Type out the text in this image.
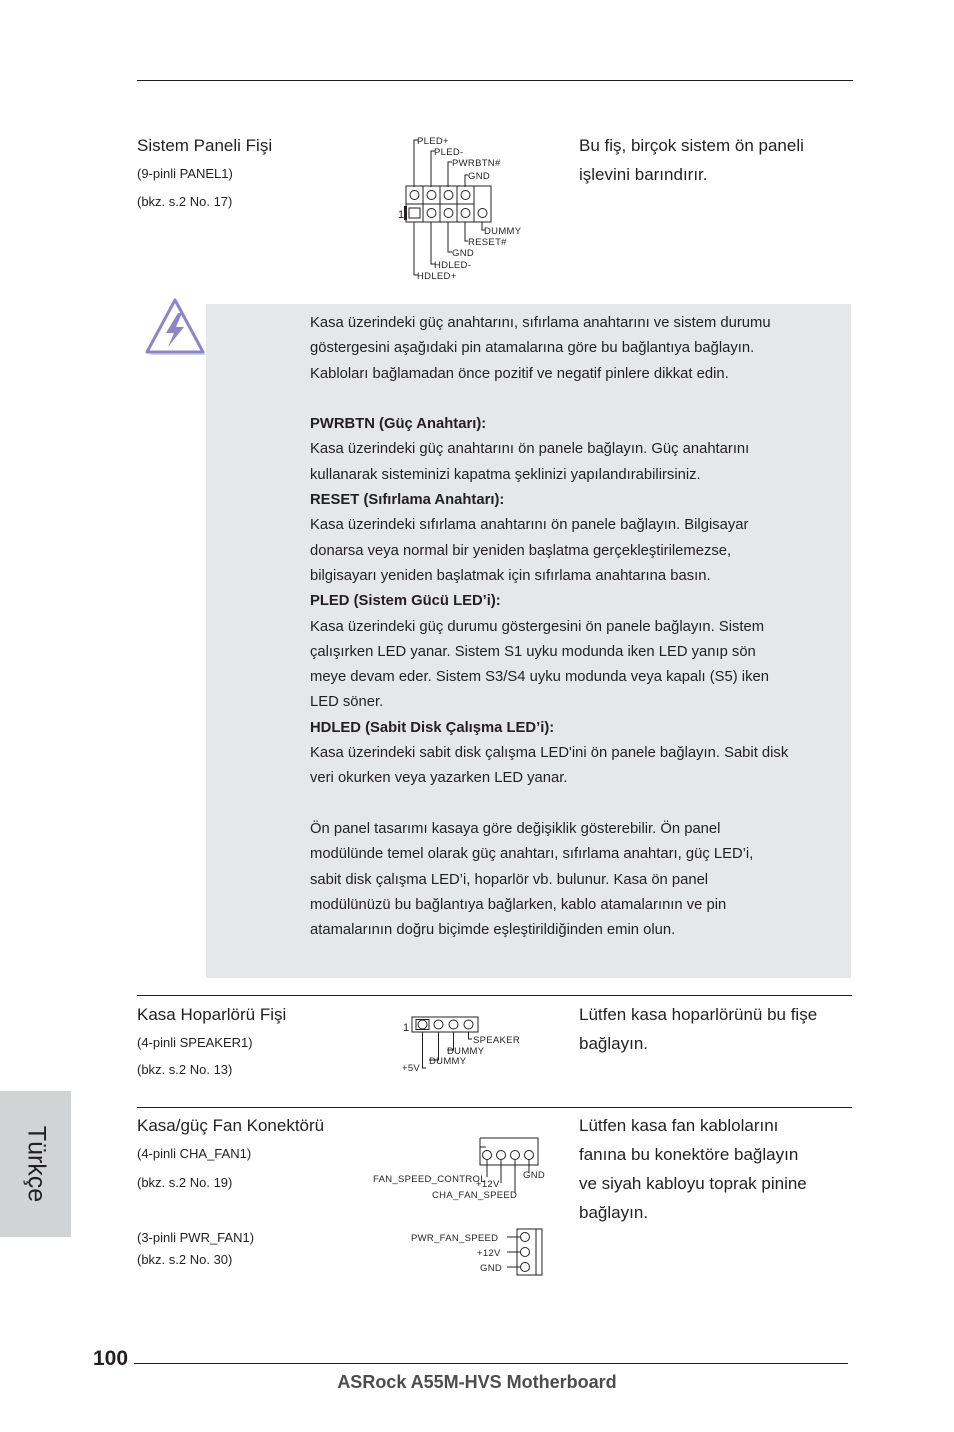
Sistem Paneli Fişi
(9-pinli PANEL1)
(bkz. s.2 No. 17)
Bu fiş, birçok sistem ön paneli
işlevini barındırır.
PLED+
PLED-
PWRBTN#
GND
DUMMY
RESET#
GND
HDLED-
HDLED+
1

Kasa üzerindeki güç anahtarını, sıfırlama anahtarını ve sistem durumu

göstergesini aşağıdaki pin atamalarına göre bu bağlantıya bağlayın.

Kabloları bağlamadan önce pozitif ve negatif pinlere dikkat edin.

PWRBTN (Güç Anahtarı):

Kasa üzerindeki güç anahtarını ön panele bağlayın. Güç anahtarını

kullanarak sisteminizi kapatma şeklinizi yapılandırabilirsiniz.

RESET (Sıfırlama Anahtarı):

Kasa üzerindeki sıfırlama anahtarını ön panele bağlayın. Bilgisayar

donarsa veya normal bir yeniden başlatma gerçekleştirilemezse,

bilgisayarı yeniden başlatmak için sıfırlama anahtarına basın.

PLED (Sistem Gücü LED’i):

Kasa üzerindeki güç durumu göstergesini ön panele bağlayın. Sistem

çalışırken LED yanar. Sistem S1 uyku modunda iken LED yanıp sön

meye devam eder. Sistem S3/S4 uyku modunda veya kapalı (S5) iken

LED söner.

HDLED (Sabit Disk Çalışma LED’i):

Kasa üzerindeki sabit disk çalışma LED'ini ön panele bağlayın. Sabit disk

veri okurken veya yazarken LED yanar.

Ön panel tasarımı kasaya göre değişiklik gösterebilir. Ön panel

modülünde temel olarak güç anahtarı, sıfırlama anahtarı, güç LED’i,

sabit disk çalışma LED’i, hoparlör vb. bulunur. Kasa ön panel

modülünüzü bu bağlantıya bağlarken, kablo atamalarının ve pin

atamalarının doğru biçimde eşleştirildiğinden emin olun.

Kasa Hoparlörü Fişi
(4-pinli SPEAKER1)
(bkz. s.2 No. 13)
Lütfen kasa hoparlörünü bu fişe
bağlayın.
1
SPEAKER
DUMMY
+5V
DUMMY
Kasa/güç Fan Konektörü
(4-pinli CHA_FAN1)
(bkz. s.2 No. 19)
(3-pinli PWR_FAN1)
(bkz. s.2 No. 30)
Lütfen kasa fan kablolarını
fanına bu konektöre bağlayın
ve siyah kabloyu toprak pinine
bağlayın.
FAN_SPEED_CONTROL
+12V
GND
CHA_FAN_SPEED
PWR_FAN_SPEED
+12V
GND
Türkçe
100
ASRock A55M-HVS Motherboard
